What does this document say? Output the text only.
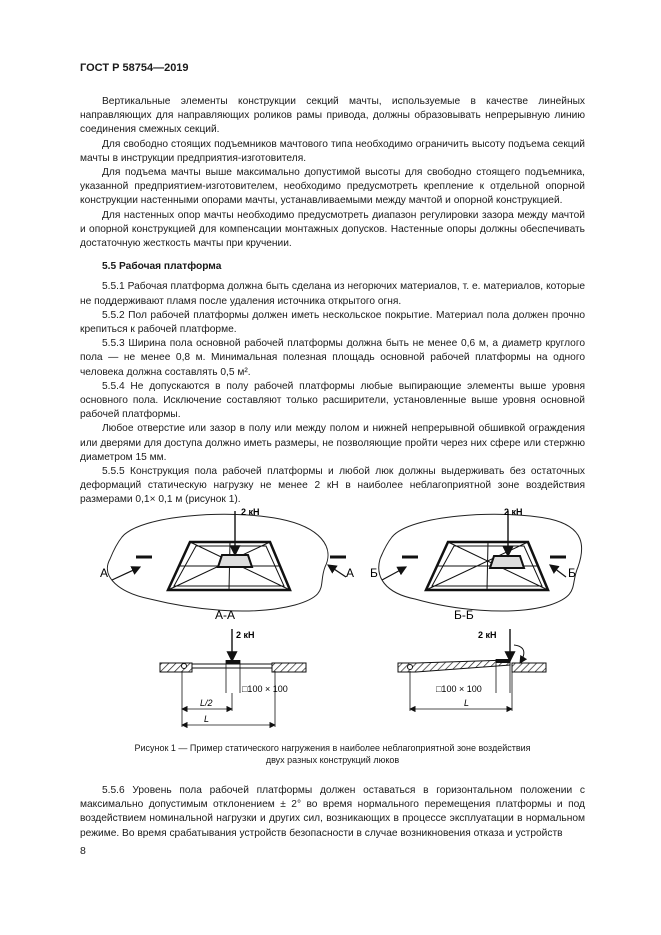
ГОСТ Р 58754—2019

Вертикальные элементы конструкции секций мачты, используемые в качестве линейных направляющих для направляющих роликов рамы привода, должны образовывать непрерывную линию соединения смежных секций.

Для свободно стоящих подъемников мачтового типа необходимо ограничить высоту подъема секций мачты в инструкции предприятия-изготовителя.

Для подъема мачты выше максимально допустимой высоты для свободно стоящего подъемника, указанной предприятием-изготовителем, необходимо предусмотреть крепление к отдельной опорной конструкции настенными опорами мачты, устанавливаемыми между мачтой и опорной конструкцией.

Для настенных опор мачты необходимо предусмотреть диапазон регулировки зазора между мачтой и опорной конструкцией для компенсации монтажных допусков. Настенные опоры должны обеспечивать достаточную жесткость мачты при кручении.

5.5 Рабочая платформа

5.5.1 Рабочая платформа должна быть сделана из негорючих материалов, т. е. материалов, которые не поддерживают пламя после удаления источника открытого огня.

5.5.2 Пол рабочей платформы должен иметь нескольское покрытие. Материал пола должен прочно крепиться к рабочей платформе.

5.5.3 Ширина пола основной рабочей платформы должна быть не менее 0,6 м, а диаметр круглого пола — не менее 0,8 м. Минимальная полезная площадь основной рабочей платформы на одного человека должна составлять 0,5 м².

5.5.4 Не допускаются в полу рабочей платформы любые выпирающие элементы выше уровня основного пола. Исключение составляют только расширители, установленные выше уровня основной рабочей платформы.

Любое отверстие или зазор в полу или между полом и нижней непрерывной обшивкой ограждения или дверями для доступа должно иметь размеры, не позволяющие пройти через них сфере или стержню диаметром 15 мм.

5.5.5 Конструкция пола рабочей платформы и любой люк должны выдерживать без остаточных деформаций статическую нагрузку не менее 2 кН в наиболее неблагоприятной зоне воздействия размерами 0,1× 0,1 м (рисунок 1).

2 кН
А	А
А-А
2 кН
Б	Б
Б-Б
2 кН
□100 × 100
L/2
L
2 кН
□100 × 100
L
Рисунок 1 — Пример статического нагружения в наиболее неблагоприятной зоне воздействия
двух разных конструкций люков

5.5.6 Уровень пола рабочей платформы должен оставаться в горизонтальном положении с максимально допустимым отклонением ± 2° во время нормального перемещения платформы и под воздействием номинальной нагрузки и других сил, возникающих в процессе эксплуатации в нормальном режиме. Во время срабатывания устройств безопасности в случае возникновения отказа и устройств

8
